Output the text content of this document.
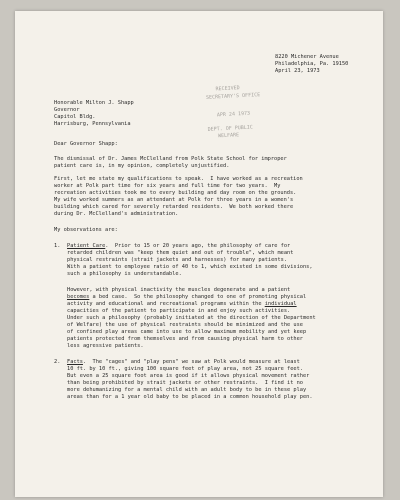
8220 Michener Avenue
Philadelphia, Pa. 19150
April 23, 1973
RECEIVED
SECRETARY'S OFFICE
APR 24 1973
DEPT. OF PUBLIC
WELFARE
Honorable Milton J. Shapp
Governor
Capitol Bldg.
Harrisburg, Pennsylvania
Dear Governor Shapp:
The dismissal of Dr. James McClelland from Polk State School for improper
patient care is, in my opinion, completely unjustified.
First, let me state my qualifications to speak.  I have worked as a recreation
worker at Polk part time for six years and full time for two years.  My
recreation activities took me to every building and day room on the grounds.
My wife worked summers as an attendant at Polk for three years in a women's
building which cared for severely retarded residents.  We both worked there
during Dr. McClelland's administration.
My observations are:
1. Patient Care.  Prior to 15 or 20 years ago, the philosophy of care for
retarded children was "keep them quiet and out of trouble", which meant
physical restraints (strait jackets and harnesses) for many patients.
With a patient to employee ratio of 40 to 1, which existed in some divisions,
such a philosophy is understandable.
However, with physical inactivity the muscles degenerate and a patient
becomes a bed case.  So the philosophy changed to one of promoting physical
activity and educational and recreational programs within the individual
capacities of the patient to participate in and enjoy such activities.
Under such a philosophy (probably initiated at the direction of the Department
of Welfare) the use of physical restraints should be minimized and the use
of confined play areas came into use to allow maximum mobility and yet keep
patients protected from themselves and from causing physical harm to other
less agressive patients.
2. Facts.  The "cages" and "play pens" we saw at Polk would measure at least
10 ft. by 10 ft., giving 100 square feet of play area, not 25 square feet.
But even a 25 square foot area is good if it allows physical movement rather
than being prohibited by strait jackets or other restraints.  I find it no
more dehumanizing for a mental child with an adult body to be in these play
areas than for a 1 year old baby to be placed in a common household play pen.
